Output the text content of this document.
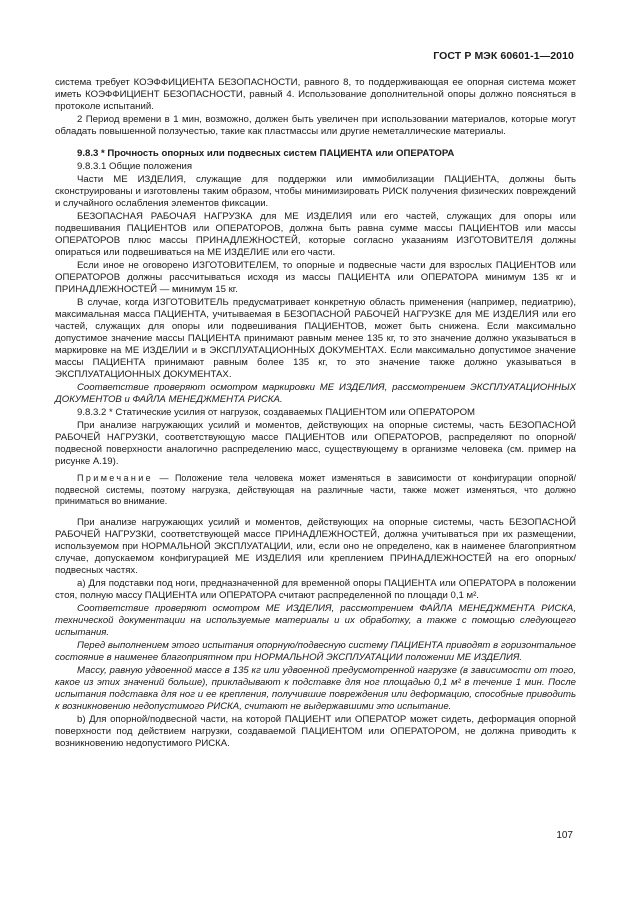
ГОСТ Р МЭК 60601-1—2010

система требует КОЭФФИЦИЕНТА БЕЗОПАСНОСТИ, равного 8, то поддерживающая ее опорная система может иметь КОЭФФИЦИЕНТ БЕЗОПАСНОСТИ, равный 4. Использование дополнительной опоры должно поясняться в протоколе испытаний.

2 Период времени в 1 мин, возможно, должен быть увеличен при использовании материалов, которые могут обладать повышенной ползучестью, такие как пластмассы или другие неметаллические материалы.

9.8.3 * Прочность опорных или подвесных систем ПАЦИЕНТА или ОПЕРАТОРА

9.8.3.1 Общие положения

Части МЕ ИЗДЕЛИЯ, служащие для поддержки или иммобилизации ПАЦИЕНТА, должны быть сконструированы и изготовлены таким образом, чтобы минимизировать РИСК получения физических повреждений и случайного ослабления элементов фиксации.

БЕЗОПАСНАЯ РАБОЧАЯ НАГРУЗКА для МЕ ИЗДЕЛИЯ или его частей, служащих для опоры или подвешивания ПАЦИЕНТОВ или ОПЕРАТОРОВ, должна быть равна сумме массы ПАЦИЕНТОВ или массы ОПЕРАТОРОВ плюс массы ПРИНАДЛЕЖНОСТЕЙ, которые согласно указаниям ИЗГОТОВИТЕЛЯ должны опираться или подвешиваться на МЕ ИЗДЕЛИЕ или его части.

Если иное не оговорено ИЗГОТОВИТЕЛЕМ, то опорные и подвесные части для взрослых ПАЦИЕНТОВ или ОПЕРАТОРОВ должны рассчитываться исходя из массы ПАЦИЕНТА или ОПЕРАТОРА минимум 135 кг и ПРИНАДЛЕЖНОСТЕЙ — минимум 15 кг.

В случае, когда ИЗГОТОВИТЕЛЬ предусматривает конкретную область применения (например, педиатрию), максимальная масса ПАЦИЕНТА, учитываемая в БЕЗОПАСНОЙ РАБОЧЕЙ НАГРУЗКЕ для МЕ ИЗДЕЛИЯ или его частей, служащих для опоры или подвешивания ПАЦИЕНТОВ, может быть снижена. Если максимально допустимое значение массы ПАЦИЕНТА принимают равным менее 135 кг, то это значение должно указываться в маркировке на МЕ ИЗДЕЛИИ и в ЭКСПЛУАТАЦИОННЫХ ДОКУМЕНТАХ. Если максимально допустимое значение массы ПАЦИЕНТА принимают равным более 135 кг, то это значение также должно указываться в ЭКСПЛУАТАЦИОННЫХ ДОКУМЕНТАХ.

Соответствие проверяют осмотром маркировки МЕ ИЗДЕЛИЯ, рассмотрением ЭКСПЛУАТАЦИОННЫХ ДОКУМЕНТОВ и ФАЙЛА МЕНЕДЖМЕНТА РИСКА.

9.8.3.2 * Статические усилия от нагрузок, создаваемых ПАЦИЕНТОМ или ОПЕРАТОРОМ

При анализе нагружающих усилий и моментов, действующих на опорные системы, часть БЕЗОПАСНОЙ РАБОЧЕЙ НАГРУЗКИ, соответствующую массе ПАЦИЕНТОВ или ОПЕРАТОРОВ, распределяют по опорной/подвесной поверхности аналогично распределению масс, существующему в организме человека (см. пример на рисунке А.19).

Примечание — Положение тела человека может изменяться в зависимости от конфигурации опорной/подвесной системы, поэтому нагрузка, действующая на различные части, также может изменяться, что должно приниматься во внимание.

При анализе нагружающих усилий и моментов, действующих на опорные системы, часть БЕЗОПАСНОЙ РАБОЧЕЙ НАГРУЗКИ, соответствующей массе ПРИНАДЛЕЖНОСТЕЙ, должна учитываться при их размещении, используемом при НОРМАЛЬНОЙ ЭКСПЛУАТАЦИИ, или, если оно не определено, как в наименее благоприятном случае, допускаемом конфигурацией МЕ ИЗДЕЛИЯ или креплением ПРИНАДЛЕЖНОСТЕЙ на его опорных/подвесных частях.

а) Для подставки под ноги, предназначенной для временной опоры ПАЦИЕНТА или ОПЕРАТОРА в положении стоя, полную массу ПАЦИЕНТА или ОПЕРАТОРА считают распределенной по площади 0,1 м².

Соответствие проверяют осмотром МЕ ИЗДЕЛИЯ, рассмотрением ФАЙЛА МЕНЕДЖМЕНТА РИСКА, технической документации на используемые материалы и их обработку, а также с помощью следующего испытания.

Перед выполнением этого испытания опорную/подвесную систему ПАЦИЕНТА приводят в горизонтальное состояние в наименее благоприятном при НОРМАЛЬНОЙ ЭКСПЛУАТАЦИИ положении МЕ ИЗДЕЛИЯ.

Массу, равную удвоенной массе в 135 кг или удвоенной предусмотренной нагрузке (в зависимости от того, какое из этих значений больше), прикладывают к подставке для ног площадью 0,1 м² в течение 1 мин. После испытания подставка для ног и ее крепления, получившие повреждения или деформацию, способные приводить к возникновению недопустимого РИСКА, считают не выдержавшими это испытание.

b) Для опорной/подвесной части, на которой ПАЦИЕНТ или ОПЕРАТОР может сидеть, деформация опорной поверхности под действием нагрузки, создаваемой ПАЦИЕНТОМ или ОПЕРАТОРОМ, не должна приводить к возникновению недопустимого РИСКА.

107
